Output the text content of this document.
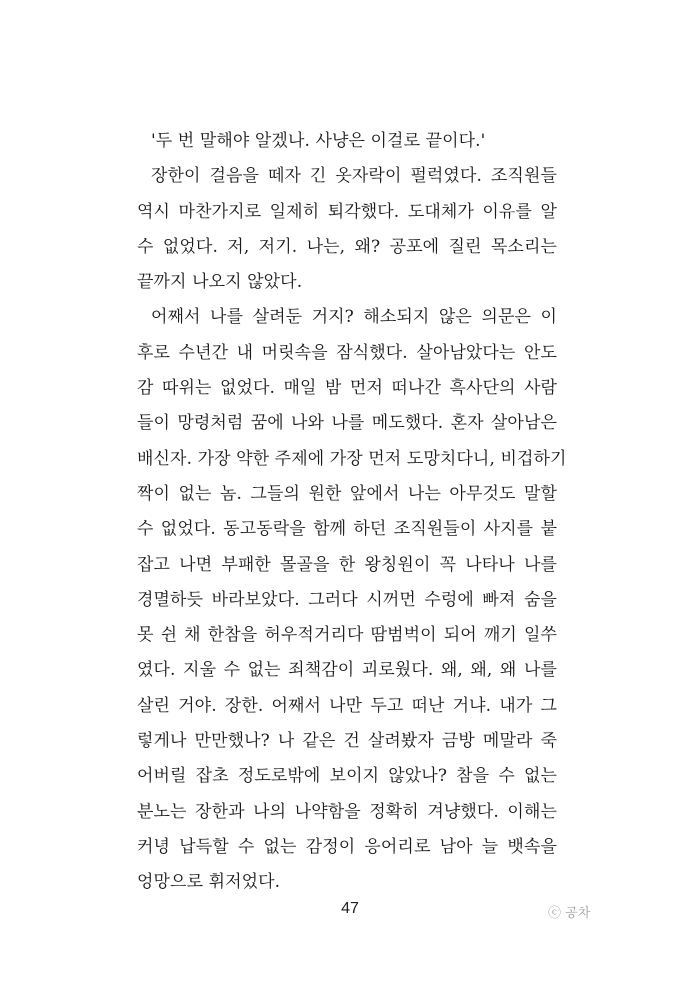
'두 번 말해야 알겠나. 사냥은 이걸로 끝이다.'
장한이 걸음을 떼자 긴 옷자락이 펄럭였다. 조직원들
역시 마찬가지로 일제히 퇴각했다. 도대체가 이유를 알
수 없었다. 저, 저기. 나는, 왜? 공포에 질린 목소리는
끝까지 나오지 않았다.
어째서 나를 살려둔 거지? 해소되지 않은 의문은 이
후로 수년간 내 머릿속을 잠식했다. 살아남았다는 안도
감 따위는 없었다. 매일 밤 먼저 떠나간 흑사단의 사람
들이 망령처럼 꿈에 나와 나를 메도했다. 혼자 살아남은
배신자. 가장 약한 주제에 가장 먼저 도망치다니, 비겁하기
짝이 없는 놈. 그들의 원한 앞에서 나는 아무것도 말할
수 없었다. 동고동락을 함께 하던 조직원들이 사지를 붙
잡고 나면 부패한 몰골을 한 왕칭원이 꼭 나타나 나를
경멸하듯 바라보았다. 그러다 시꺼먼 수렁에 빠져 숨을
못 쉰 채 한참을 허우적거리다 땀범벅이 되어 깨기 일쑤
였다. 지울 수 없는 죄책감이 괴로웠다. 왜, 왜, 왜 나를
살린 거야. 장한. 어째서 나만 두고 떠난 거냐. 내가 그
렇게나 만만했나? 나 같은 건 살려봤자 금방 메말라 죽
어버릴 잡초 정도로밖에 보이지 않았나? 참을 수 없는
분노는 장한과 나의 나약함을 정확히 겨냥했다. 이해는
커녕 납득할 수 없는 감정이 응어리로 남아 늘 뱃속을
엉망으로 휘저었다.
47	ⓒ 공차
